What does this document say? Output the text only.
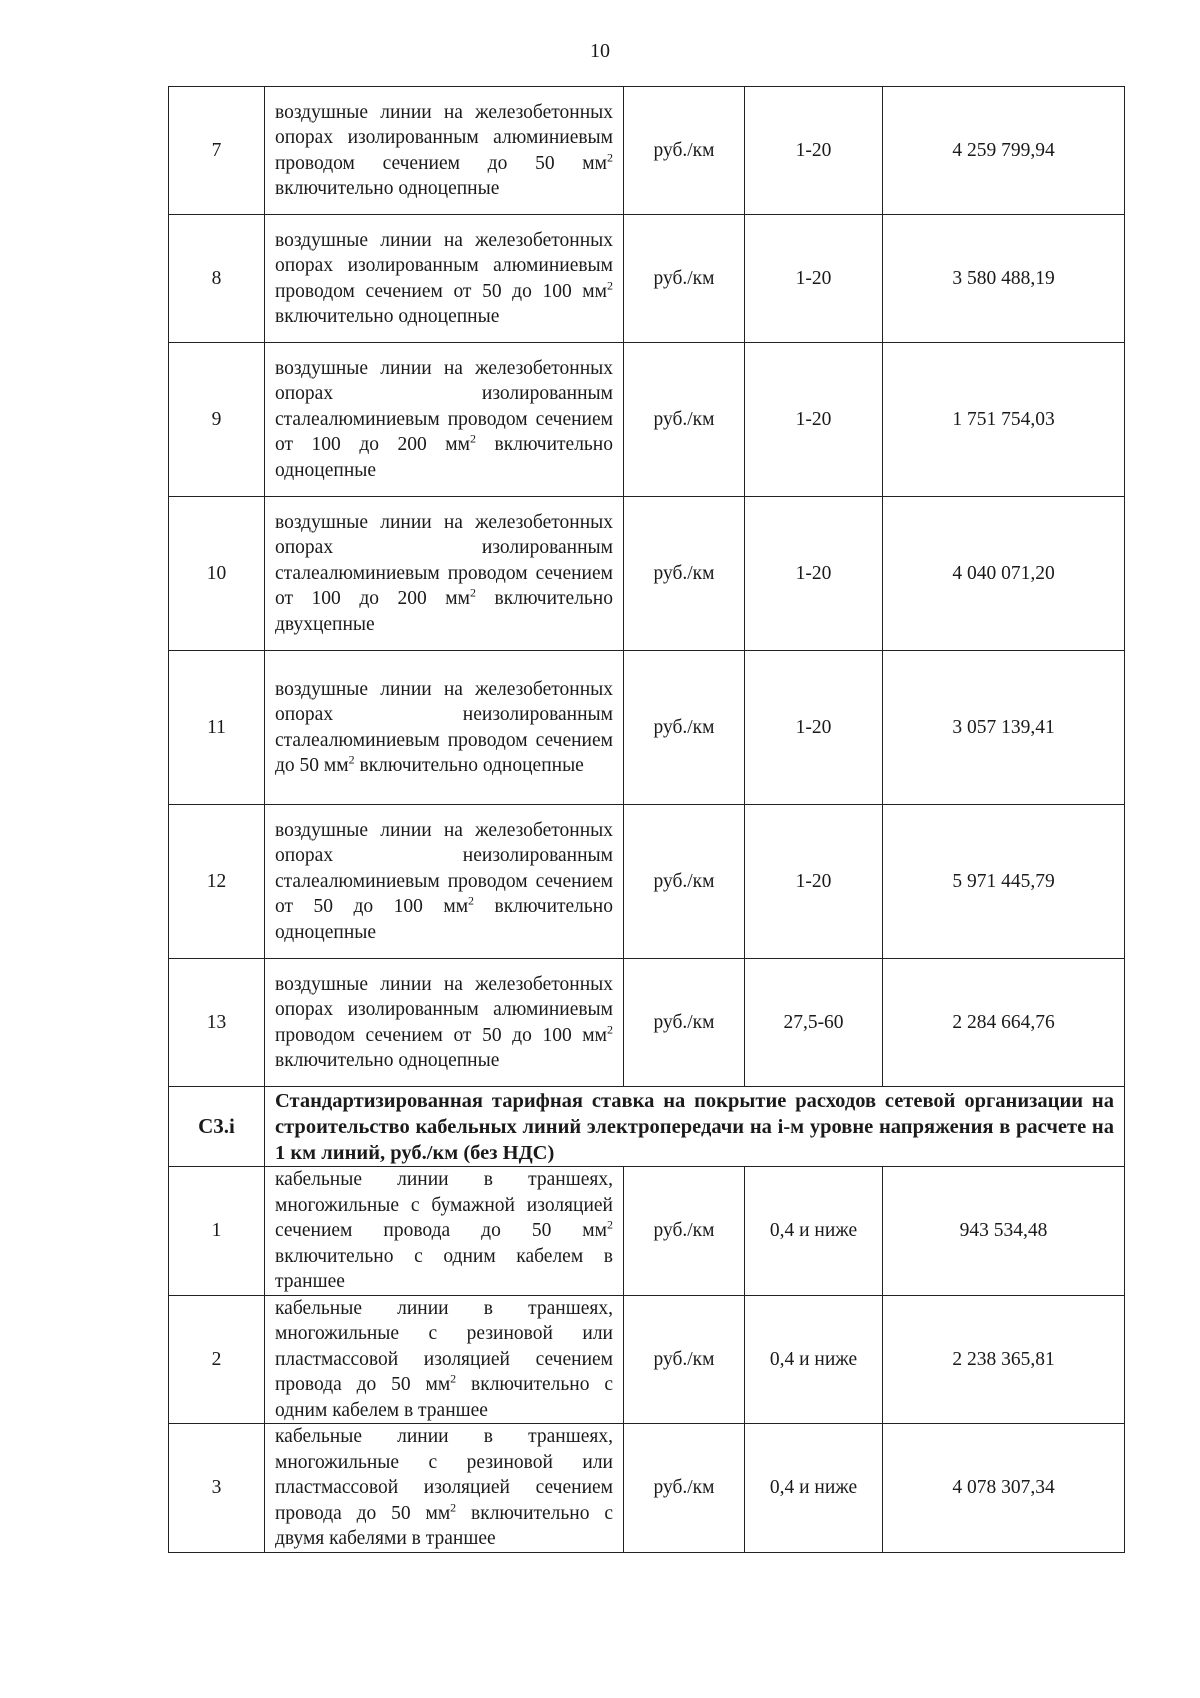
10
7	воздушные линии на железобетонных опорах изолированным алюминиевым проводом сечением до 50 $мм^2$ включительно одноцепные	руб./км	1-20	4 259 799,94
8	воздушные линии на железобетонных опорах изолированным алюминиевым проводом сечением от 50 до 100 $мм^2$ включительно одноцепные	руб./км	1-20	3 580 488,19
9	воздушные линии на железобетонных опорах изолированным сталеалюминиевым проводом сечением от 100 до 200 $мм^2$ включительно одноцепные	руб./км	1-20	1 751 754,03
10	воздушные линии на железобетонных опорах изолированным сталеалюминиевым проводом сечением от 100 до 200 $мм^2$ включительно двухцепные	руб./км	1-20	4 040 071,20
11	воздушные линии на железобетонных опорах неизолированным сталеалюминиевым проводом сечением до 50 $мм^2$ включительно одноцепные	руб./км	1-20	3 057 139,41
12	воздушные линии на железобетонных опорах неизолированным сталеалюминиевым проводом сечением от 50 до 100 $мм^2$ включительно одноцепные	руб./км	1-20	5 971 445,79
13	воздушные линии на железобетонных опорах изолированным алюминиевым проводом сечением от 50 до 100 $мм^2$ включительно одноцепные	руб./км	27,5-60	2 284 664,76
С3.i	Стандартизированная тарифная ставка на покрытие расходов сетевой организации на строительство кабельных линий электропередачи на i-м уровне напряжения в расчете на 1 км линий, руб./км (без НДС)			
1	кабельные линии в траншеях, многожильные с бумажной изоляцией сечением провода до 50 $мм^2$ включительно с одним кабелем в траншее	руб./км	0,4 и ниже	943 534,48
2	кабельные линии в траншеях, многожильные с резиновой или пластмассовой изоляцией сечением провода до 50 $мм^2$ включительно с одним кабелем в траншее	руб./км	0,4 и ниже	2 238 365,81
3	кабельные линии в траншеях, многожильные с резиновой или пластмассовой изоляцией сечением провода до 50 $мм^2$ включительно с двумя кабелями в траншее	руб./км	0,4 и ниже	4 078 307,34
